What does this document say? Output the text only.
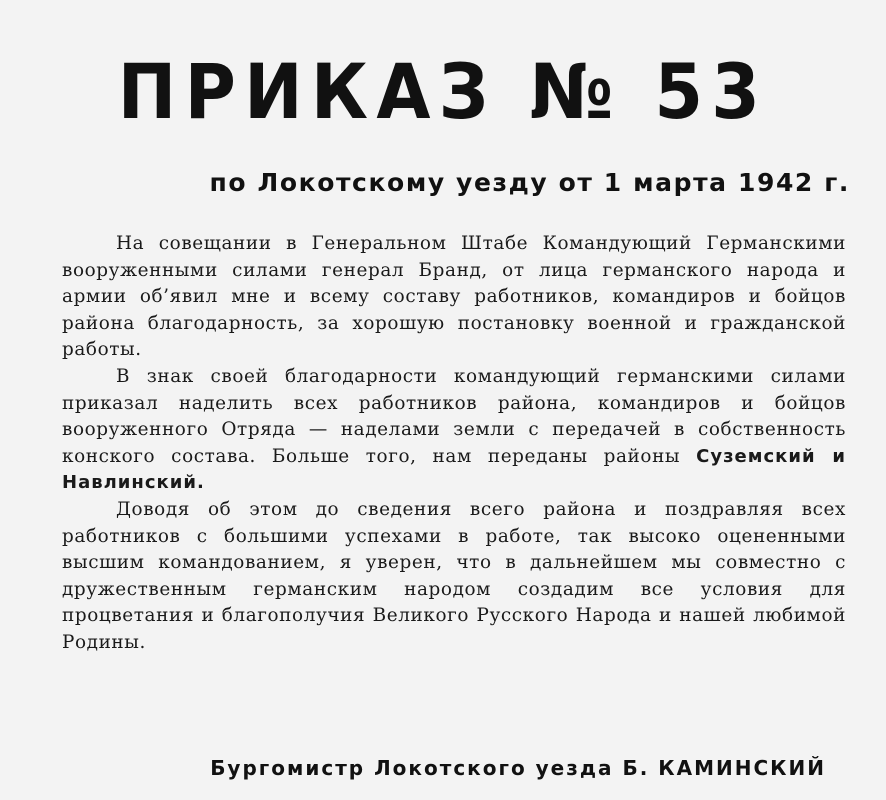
ПРИКАЗ № 53
по Локотскому уезду от 1 марта 1942 г.

На совещании в Генеральном Штабе Командующий Германскими вооруженными силами генерал Бранд, от лица германского народа и армии об’явил мне и всему составу работников, командиров и бойцов района благодарность, за хорошую постановку военной и гражданской работы.

В знак своей благодарности командующий германскими силами приказал наделить всех работников района, командиров и бойцов вооруженного Отряда — наделами земли с передачей в собственность конского состава. Больше того, нам переданы районы Суземский и Навлинский.

Доводя об этом до сведения всего района и поздравляя всех работников с большими успехами в работе, так высоко оцененными высшим командованием, я уверен, что в дальнейшем мы совместно с дружественным германским народом создадим все условия для процветания и благополучия Великого Русского Народа и нашей любимой Родины.

Бургомистр Локотского уезда Б. КАМИНСКИЙ
